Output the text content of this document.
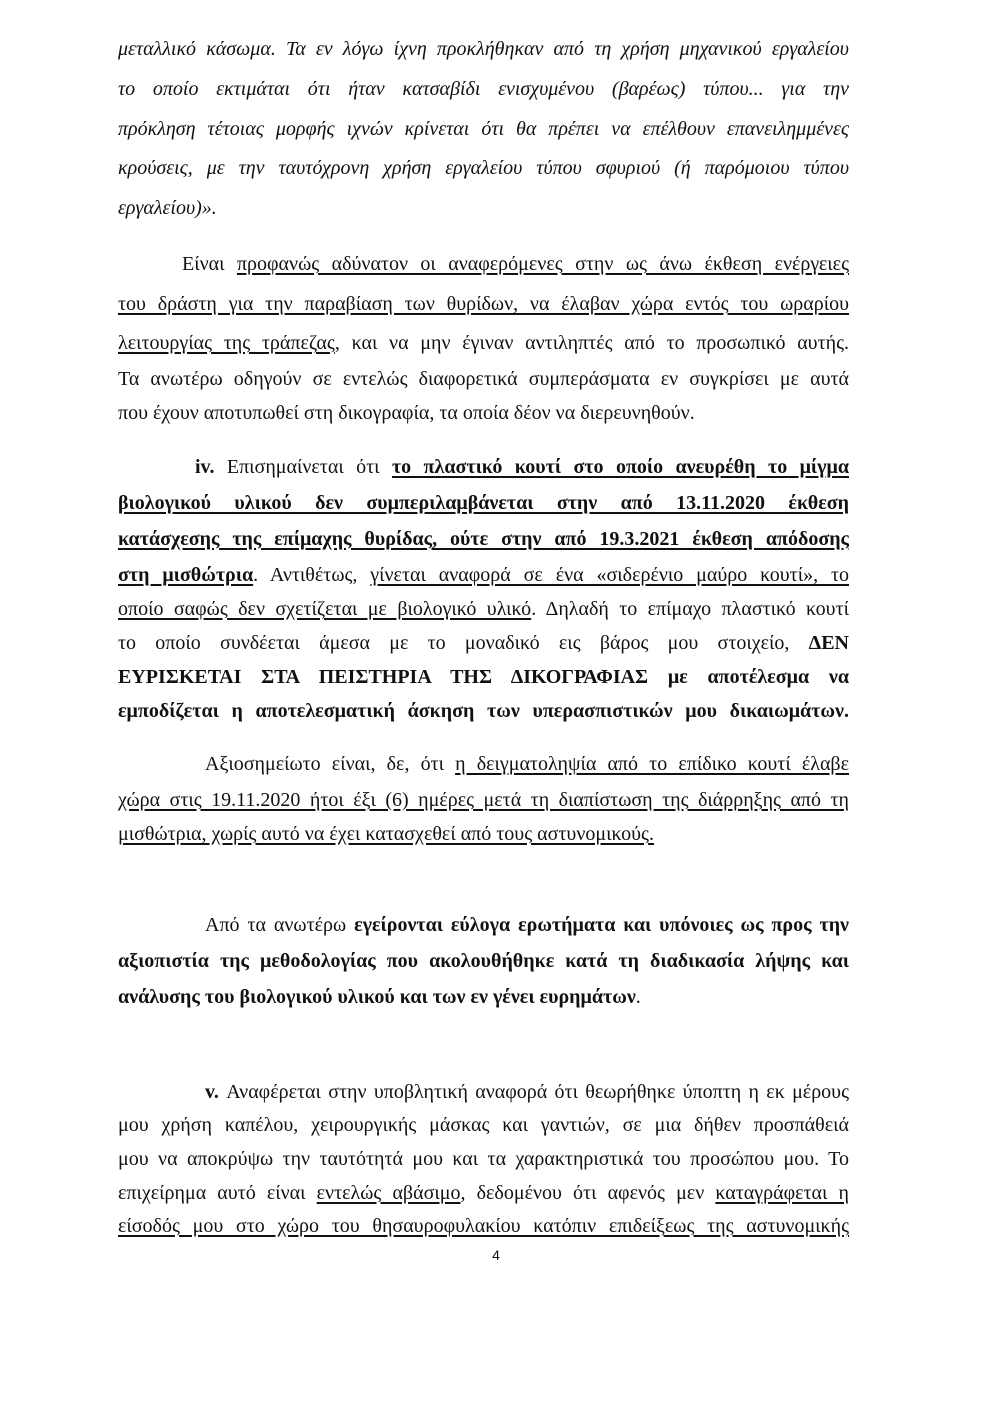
μεταλλικό κάσωμα. Τα εν λόγω ίχνη προκλήθηκαν από τη χρήση μηχανικού εργαλείου
το οποίο εκτιμάται ότι ήταν κατσαβίδι ενισχυμένου (βαρέως) τύπου... για την
πρόκληση τέτοιας μορφής ιχνών κρίνεται ότι θα πρέπει να επέλθουν επανειλημμένες
κρούσεις, με την ταυτόχρονη χρήση εργαλείου τύπου σφυριού (ή παρόμοιου τύπου
εργαλείου)».
Είναι προφανώς αδύνατον οι αναφερόμενες στην ως άνω έκθεση ενέργειες
του δράστη για την παραβίαση των θυρίδων, να έλαβαν χώρα εντός του ωραρίου
λειτουργίας της τράπεζας, και να μην έγιναν αντιληπτές από το προσωπικό αυτής.
Τα ανωτέρω οδηγούν σε εντελώς διαφορετικά συμπεράσματα εν συγκρίσει με αυτά
που έχουν αποτυπωθεί στη δικογραφία, τα οποία δέον να διερευνηθούν.
iv. Επισημαίνεται ότι το πλαστικό κουτί στο οποίο ανευρέθη το μίγμα
βιολογικού υλικού δεν συμπεριλαμβάνεται στην από 13.11.2020 έκθεση
κατάσχεσης της επίμαχης θυρίδας, ούτε στην από 19.3.2021 έκθεση απόδοσης
στη μισθώτρια. Αντιθέτως, γίνεται αναφορά σε ένα «σιδερένιο μαύρο κουτί», το
οποίο σαφώς δεν σχετίζεται με βιολογικό υλικό. Δηλαδή το επίμαχο πλαστικό κουτί
το οποίο συνδέεται άμεσα με το μοναδικό εις βάρος μου στοιχείο, ΔΕΝ
ΕΥΡΙΣΚΕΤΑΙ ΣΤΑ ΠΕΙΣΤΗΡΙΑ ΤΗΣ ΔΙΚΟΓΡΑΦΙΑΣ με αποτέλεσμα να
εμποδίζεται η αποτελεσματική άσκηση των υπερασπιστικών μου δικαιωμάτων.
Αξιοσημείωτο είναι, δε, ότι η δειγματοληψία από το επίδικο κουτί έλαβε
χώρα στις 19.11.2020 ήτοι έξι (6) ημέρες μετά τη διαπίστωση της διάρρηξης από τη
μισθώτρια, χωρίς αυτό να έχει κατασχεθεί από τους αστυνομικούς.
Από τα ανωτέρω εγείρονται εύλογα ερωτήματα και υπόνοιες ως προς την
αξιοπιστία της μεθοδολογίας που ακολουθήθηκε κατά τη διαδικασία λήψης και
ανάλυσης του βιολογικού υλικού και των εν γένει ευρημάτων.
v. Αναφέρεται στην υποβλητική αναφορά ότι θεωρήθηκε ύποπτη η εκ μέρους
μου χρήση καπέλου, χειρουργικής μάσκας και γαντιών, σε μια δήθεν προσπάθειά
μου να αποκρύψω την ταυτότητά μου και τα χαρακτηριστικά του προσώπου μου. Το
επιχείρημα αυτό είναι εντελώς αβάσιμο, δεδομένου ότι αφενός μεν καταγράφεται η
είσοδός μου στο χώρο του θησαυροφυλακίου κατόπιν επιδείξεως της αστυνομικής
4
